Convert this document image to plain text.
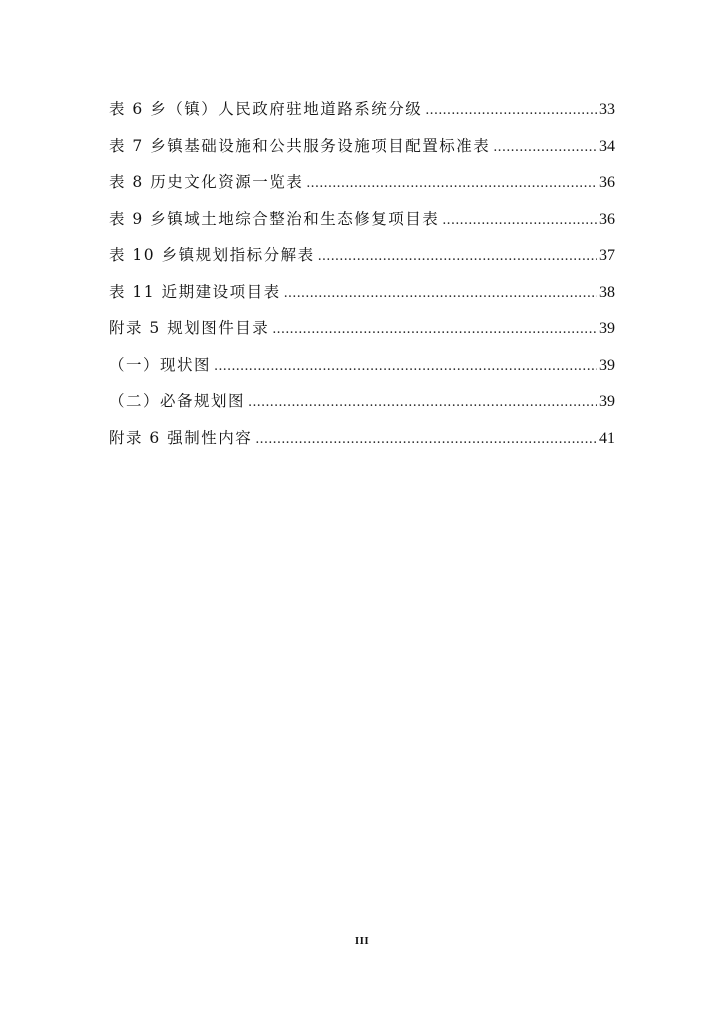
表 6 乡（镇）人民政府驻地道路系统分级 .....	33
表 7 乡镇基础设施和公共服务设施项目配置标准表 .....	34
表 8 历史文化资源一览表 .....	36
表 9 乡镇域土地综合整治和生态修复项目表 .....	36
表 10 乡镇规划指标分解表 .....	37
表 11 近期建设项目表 .....	38
附录 5 规划图件目录 .....	39
（一）现状图 .....	39
（二）必备规划图 .....	39
附录 6 强制性内容 .....	41
III
